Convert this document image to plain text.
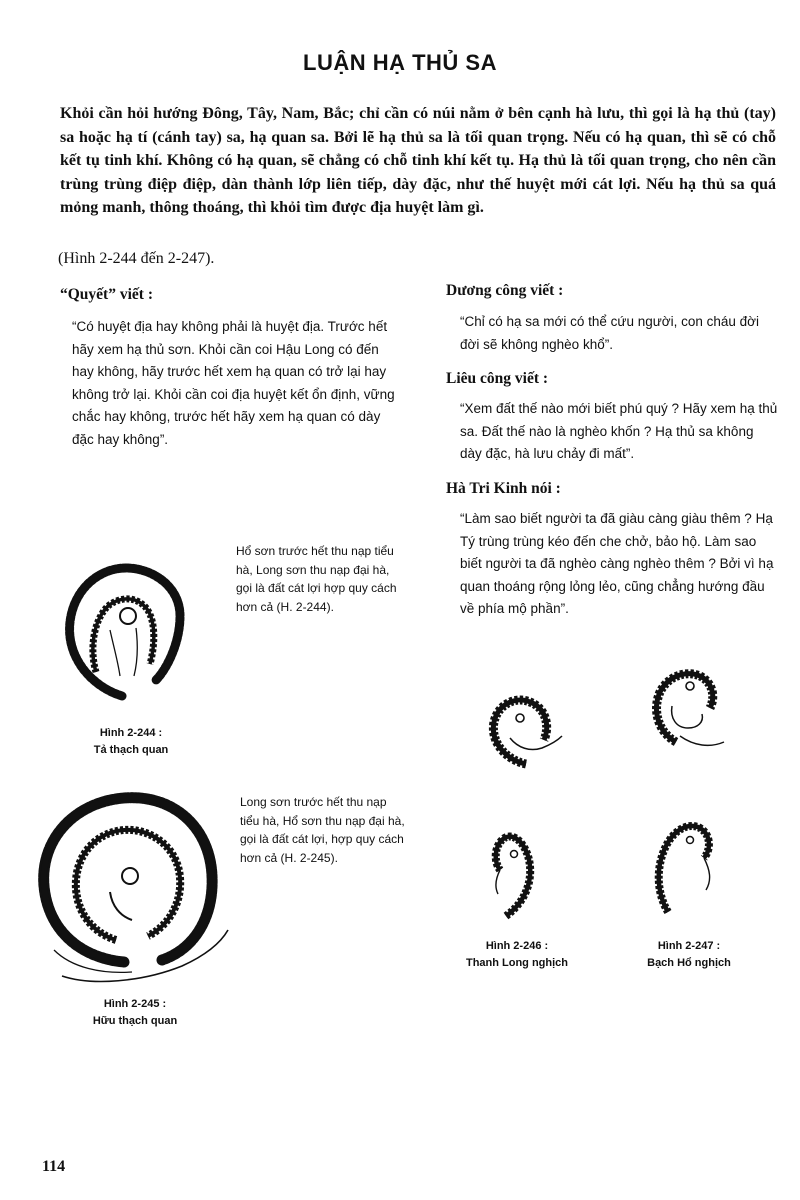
LUẬN HẠ THỦ SA

Khỏi cần hỏi hướng Đông, Tây, Nam, Bắc; chỉ cần có núi nằm ở bên cạnh hà lưu, thì gọi là hạ thủ (tay) sa hoặc hạ tí (cánh tay) sa, hạ quan sa. Bởi lẽ hạ thủ sa là tối quan trọng. Nếu có hạ quan, thì sẽ có chỗ kết tụ tinh khí. Không có hạ quan, sẽ chẳng có chỗ tinh khí kết tụ. Hạ thủ là tối quan trọng, cho nên cần trùng trùng điệp điệp, dàn thành lớp liên tiếp, dày đặc, như thế huyệt mới cát lợi. Nếu hạ thủ sa quá mỏng manh, thông thoáng, thì khỏi tìm được địa huyệt làm gì.

(Hình 2-244 đến 2-247).
“Quyết” viết :

“Có huyệt địa hay không phải là huyệt địa. Trước hết hãy xem hạ thủ sơn. Khỏi cần coi Hậu Long có đến hay không, hãy trước hết xem hạ quan có trở lại hay không trở lại. Khỏi cần coi địa huyệt kết ổn định, vững chắc hay không, trước hết hãy xem hạ quan có dày đặc hay không”.

Dương công viết :

“Chỉ có hạ sa mới có thể cứu người, con cháu đời đời sẽ không nghèo khổ”.

Liêu công viết :

“Xem đất thế nào mới biết phú quý ? Hãy xem hạ thủ sa. Đất thế nào là nghèo khốn ? Hạ thủ sa không dày đặc, hà lưu chảy đi mất”.

Hà Tri Kinh nói :

“Làm sao biết người ta đã giàu càng giàu thêm ? Hạ Tý trùng trùng kéo đến che chở, bảo hộ. Làm sao biết người ta đã nghèo càng nghèo thêm ? Bởi vì hạ quan thoáng rộng lỏng lẻo, cũng chẳng hướng đầu về phía mộ phần”.

Hổ sơn trước hết thu nạp tiểu hà, Long sơn thu nạp đại hà, gọi là đất cát lợi hợp quy cách hơn cả (H. 2-244).
Hình 2-244 :
Tả thạch quan
Long sơn trước hết thu nạp tiểu hà, Hổ sơn thu nạp đại hà, gọi là đất cát lợi, hợp quy cách hơn cả (H. 2-245).
Hình 2-245 :
Hữu thạch quan
Hình 2-246 :
Thanh Long nghịch
Hình 2-247 :
Bạch Hổ nghịch
114
